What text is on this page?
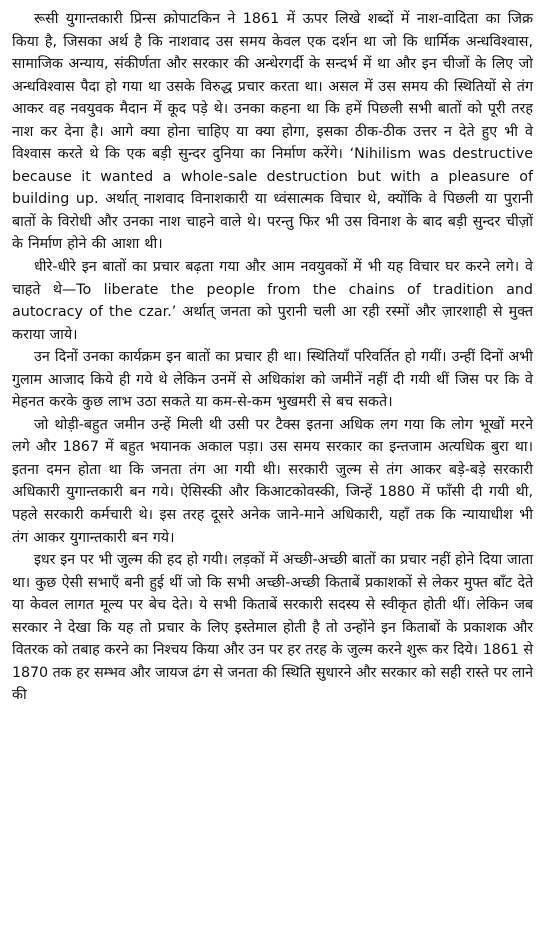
रूसी युगान्तकारी प्रिन्स क्रोपाटकिन ने 1861 में ऊपर लिखे शब्दों में नाश-वादिता का जिक्र किया है, जिसका अर्थ है कि नाशवाद उस समय केवल एक दर्शन था जो कि धार्मिक अन्धविश्वास, सामाजिक अन्याय, संकीर्णता और सरकार की अन्धेरगर्दी के सन्दर्भ में था और इन चीजों के लिए जो अन्धविश्वास पैदा हो गया था उसके विरुद्ध प्रचार करता था। असल में उस समय की स्थितियों से तंग आकर वह नवयुवक मैदान में कूद पड़े थे। उनका कहना था कि हमें पिछली सभी बातों को पूरी तरह नाश कर देना है। आगे क्या होना चाहिए या क्या होगा, इसका ठीक-ठीक उत्तर न देते हुए भी वे विश्वास करते थे कि एक बड़ी सुन्दर दुनिया का निर्माण करेंगे। ‘Nihilism was destructive because it wanted a whole-sale destruction but with a pleasure of building up. अर्थात् नाशवाद विनाशकारी या ध्वंसात्मक विचार थे, क्योंकि वे पिछली या पुरानी बातों के विरोधी और उनका नाश चाहने वाले थे। परन्तु फिर भी उस विनाश के बाद बड़ी सुन्दर चीज़ों के निर्माण होने की आशा थी।

धीरे-धीरे इन बातों का प्रचार बढ़ता गया और आम नवयुवकों में भी यह विचार घर करने लगे। वे चाहते थे—To liberate the people from the chains of tradition and autocracy of the czar.’ अर्थात् जनता को पुरानी चली आ रही रस्मों और ज़ारशाही से मुक्त कराया जाये।

उन दिनों उनका कार्यक्रम इन बातों का प्रचार ही था। स्थितियाँ परिवर्तित हो गयीं। उन्हीं दिनों अभी गुलाम आजाद किये ही गये थे लेकिन उनमें से अधिकांश को जमीनें नहीं दी गयी थीं जिस पर कि वे मेहनत करके कुछ लाभ उठा सकते या कम-से-कम भुखमरी से बच सकते।

जो थोड़ी-बहुत जमीन उन्हें मिली थी उसी पर टैक्स इतना अधिक लग गया कि लोग भूखों मरने लगे और 1867 में बहुत भयानक अकाल पड़ा। उस समय सरकार का इन्तजाम अत्यधिक बुरा था। इतना दमन होता था कि जनता तंग आ गयी थी। सरकारी जुल्म से तंग आकर बड़े-बड़े सरकारी अधिकारी युगान्तकारी बन गये। ऐसिस्की और किआटकोवस्की, जिन्हें 1880 में फाँसी दी गयी थी, पहले सरकारी कर्मचारी थे। इस तरह दूसरे अनेक जाने-माने अधिकारी, यहाँ तक कि न्यायाधीश भी तंग आकर युगान्तकारी बन गये।

इधर इन पर भी जुल्म की हद हो गयी। लड़कों में अच्छी-अच्छी बातों का प्रचार नहीं होने दिया जाता था। कुछ ऐसी सभाएँ बनी हुई थीं जो कि सभी अच्छी-अच्छी किताबें प्रकाशकों से लेकर मुफ्त बाँट देते या केवल लागत मूल्य पर बेच देते। ये सभी किताबें सरकारी सदस्य से स्वीकृत होती थीं। लेकिन जब सरकार ने देखा कि यह तो प्रचार के लिए इस्तेमाल होती है तो उन्होंने इन किताबों के प्रकाशक और वितरक को तबाह करने का निश्चय किया और उन पर हर तरह के जुल्म करने शुरू कर दिये। 1861 से 1870 तक हर सम्भव और जायज ढंग से जनता की स्थिति सुधारने और सरकार को सही रास्ते पर लाने की
